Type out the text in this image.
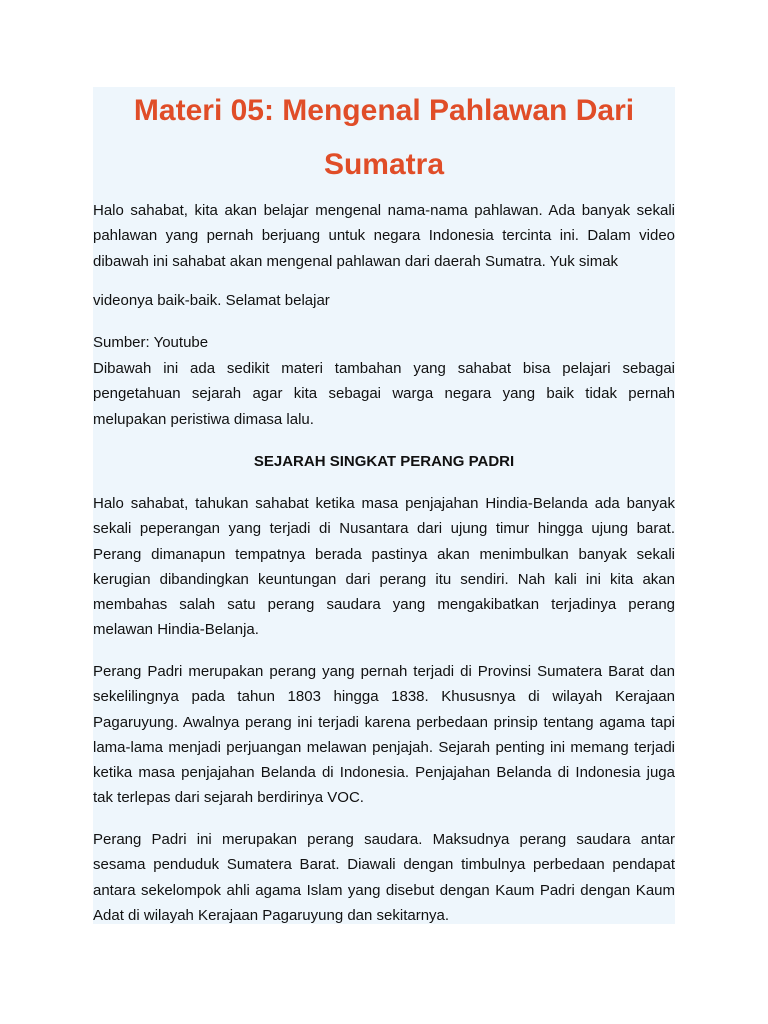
Materi 05: Mengenal Pahlawan Dari Sumatra

Halo sahabat, kita akan belajar mengenal nama-nama pahlawan. Ada banyak sekali pahlawan yang pernah berjuang untuk negara Indonesia tercinta ini. Dalam video dibawah ini sahabat akan mengenal pahlawan dari daerah Sumatra. Yuk simak

videonya baik-baik. Selamat belajar

Sumber: Youtube

Dibawah ini ada sedikit materi tambahan yang sahabat bisa pelajari sebagai pengetahuan sejarah agar kita sebagai warga negara yang baik tidak pernah melupakan peristiwa dimasa lalu.

SEJARAH SINGKAT PERANG PADRI

Halo sahabat, tahukan sahabat ketika masa penjajahan Hindia-Belanda ada banyak sekali peperangan yang terjadi di Nusantara dari ujung timur hingga ujung barat. Perang dimanapun tempatnya berada pastinya akan menimbulkan banyak sekali kerugian dibandingkan keuntungan dari perang itu sendiri. Nah kali ini kita akan membahas salah satu perang saudara yang mengakibatkan terjadinya perang melawan Hindia-Belanja.

Perang Padri merupakan perang yang pernah terjadi di Provinsi Sumatera Barat dan sekelilingnya pada tahun 1803 hingga 1838. Khususnya di wilayah Kerajaan Pagaruyung. Awalnya perang ini terjadi karena perbedaan prinsip tentang agama tapi lama-lama menjadi perjuangan melawan penjajah. Sejarah penting ini memang terjadi ketika masa penjajahan Belanda di Indonesia. Penjajahan Belanda di Indonesia juga tak terlepas dari sejarah berdirinya VOC.

Perang Padri ini merupakan perang saudara. Maksudnya perang saudara antar sesama penduduk Sumatera Barat. Diawali dengan timbulnya perbedaan pendapat antara sekelompok ahli agama Islam yang disebut dengan Kaum Padri dengan Kaum Adat di wilayah Kerajaan Pagaruyung dan sekitarnya.
